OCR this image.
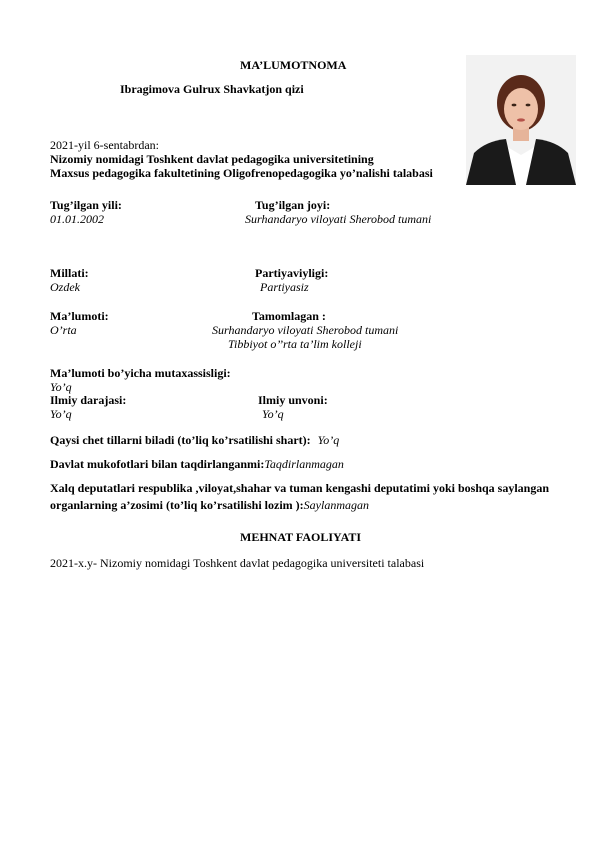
MA’LUMOTNOMA
Ibragimova Gulrux Shavkatjon qizi
2021-yil 6-sentabrdan:
Nizomiy nomidagi Toshkent davlat pedagogika universitetining
Maxsus pedagogika fakultetining Oligofrenopedagogika yo’nalishi talabasi
Tug’ilgan yili:
01.01.2002
Tug’ilgan joyi:
Surhandaryo viloyati Sherobod tumani
Millati:
Ozdek
Partiyaviyligi:
Partiyasiz
Ma’lumoti:
O’rta
Tamomlagan :
Surhandaryo viloyati Sherobod tumani
Tibbiyot o’’rta ta’lim kolleji
Ma’lumoti bo’yicha mutaxassisligi:
Yo’q
Ilmiy darajasi:
Yo’q
Ilmiy unvoni:
Yo’q
Qaysi chet tillarni biladi (to’liq ko’rsatilishi shart): Yo’q
Davlat mukofotlari bilan taqdirlanganmi:Taqdirlanmagan
Xalq deputatlari respublika ,viloyat,shahar va tuman kengashi deputatimi yoki boshqa saylangan
organlarning a’zosimi (to’liq ko’rsatilishi lozim ):Saylanmagan
MEHNAT FAOLIYATI
2021-x.y- Nizomiy nomidagi Toshkent davlat pedagogika universiteti talabasi
